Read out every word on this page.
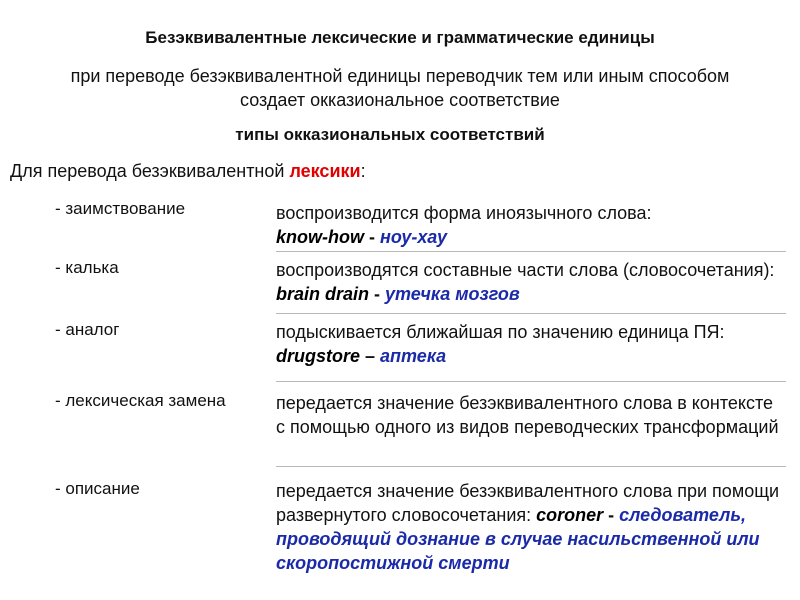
Безэквивалентные лексические и грамматические единицы
при переводе безэквивалентной единицы переводчик тем или иным способом
создает окказиональное соответствие
типы окказиональных соответствий
Для перевода безэквивалентной лексики:
- заимствование	воспроизводится форма иноязычного слова:
know-how - ноу-хау
- калька	воспроизводятся составные части слова (словосочетания): brain drain - утечка мозгов
- аналог	подыскивается ближайшая по значению единица ПЯ:
drugstore – аптека
- лексическая замена	передается значение безэквивалентного слова в контексте с помощью одного из видов переводческих трансформаций
- описание	передается значение безэквивалентного слова при помощи развернутого словосочетания: coroner - следователь, проводящий дознание в случае насильственной или скоропостижной смерти
